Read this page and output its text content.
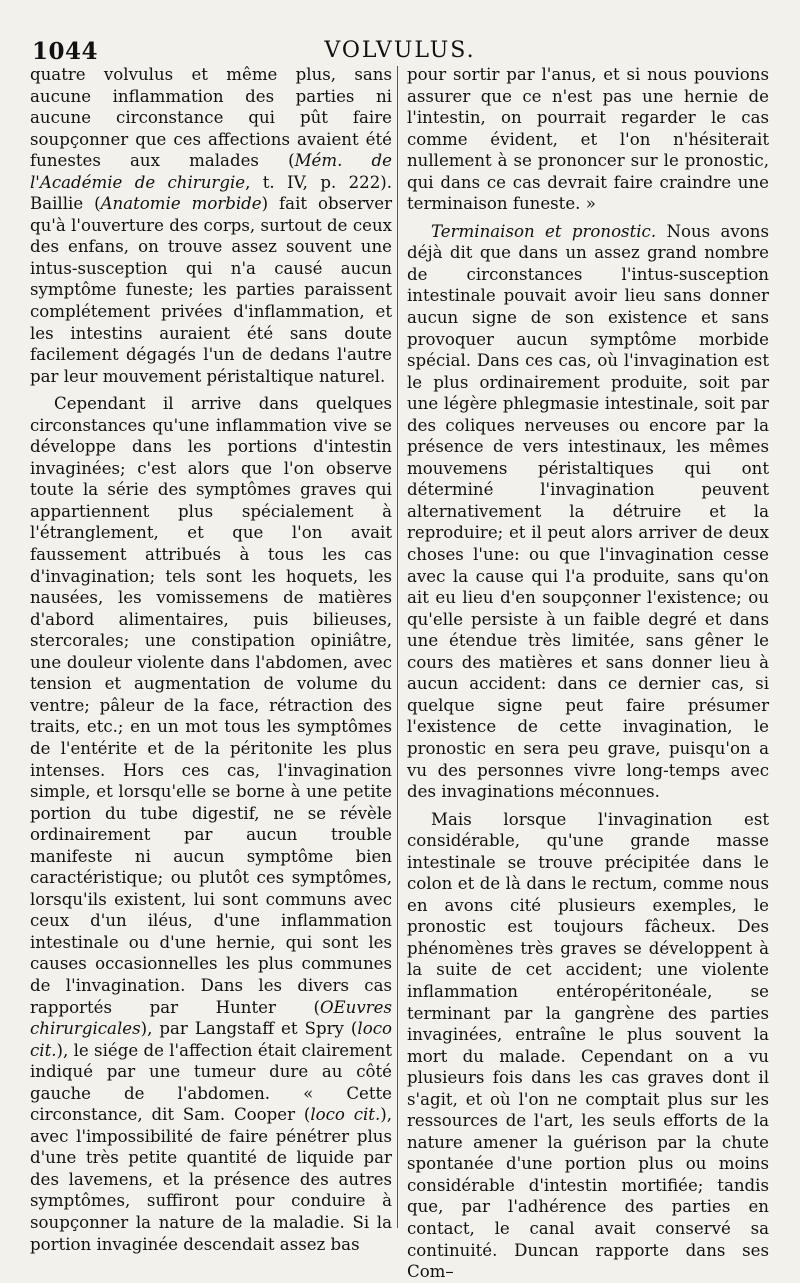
1044	VOLVULUS.

quatre volvulus et même plus, sans aucune inflammation des parties ni aucune circonstance qui pût faire soupçonner que ces affections avaient été funestes aux malades (Mém. de l'Académie de chirurgie, t. IV, p. 222). Baillie (Anatomie morbide) fait observer qu'à l'ouverture des corps, surtout de ceux des enfans, on trouve assez souvent une intus-susception qui n'a causé aucun symptôme funeste; les parties paraissent complétement privées d'inflammation, et les intestins auraient été sans doute facilement dégagés l'un de dedans l'autre par leur mouvement péristaltique naturel.

Cependant il arrive dans quelques circonstances qu'une inflammation vive se développe dans les portions d'intestin invaginées; c'est alors que l'on observe toute la série des symptômes graves qui appartiennent plus spécialement à l'étranglement, et que l'on avait faussement attribués à tous les cas d'invagination; tels sont les hoquets, les nausées, les vomissemens de matières d'abord alimentaires, puis bilieuses, stercorales; une constipation opiniâtre, une douleur violente dans l'abdomen, avec tension et augmentation de volume du ventre; pâleur de la face, rétraction des traits, etc.; en un mot tous les symptômes de l'entérite et de la péritonite les plus intenses. Hors ces cas, l'invagination simple, et lorsqu'elle se borne à une petite portion du tube digestif, ne se révèle ordinairement par aucun trouble manifeste ni aucun symptôme bien caractéristique; ou plutôt ces symptômes, lorsqu'ils existent, lui sont communs avec ceux d'un iléus, d'une inflammation intestinale ou d'une hernie, qui sont les causes occasionnelles les plus communes de l'invagination. Dans les divers cas rapportés par Hunter (OEuvres chirurgicales), par Langstaff et Spry (loco cit.), le siége de l'affection était clairement indiqué par une tumeur dure au côté gauche de l'abdomen. « Cette circonstance, dit Sam. Cooper (loco cit.), avec l'impossibilité de faire pénétrer plus d'une très petite quantité de liquide par des lavemens, et la présence des autres symptômes, suffiront pour conduire à soupçonner la nature de la maladie. Si la portion invaginée descendait assez bas

pour sortir par l'anus, et si nous pouvions assurer que ce n'est pas une hernie de l'intestin, on pourrait regarder le cas comme évident, et l'on n'hésiterait nullement à se prononcer sur le pronostic, qui dans ce cas devrait faire craindre une terminaison funeste. »

Terminaison et pronostic. Nous avons déjà dit que dans un assez grand nombre de circonstances l'intus-susception intestinale pouvait avoir lieu sans donner aucun signe de son existence et sans provoquer aucun symptôme morbide spécial. Dans ces cas, où l'invagination est le plus ordinairement produite, soit par une légère phlegmasie intestinale, soit par des coliques nerveuses ou encore par la présence de vers intestinaux, les mêmes mouvemens péristaltiques qui ont déterminé l'invagination peuvent alternativement la détruire et la reproduire; et il peut alors arriver de deux choses l'une: ou que l'invagination cesse avec la cause qui l'a produite, sans qu'on ait eu lieu d'en soupçonner l'existence; ou qu'elle persiste à un faible degré et dans une étendue très limitée, sans gêner le cours des matières et sans donner lieu à aucun accident: dans ce dernier cas, si quelque signe peut faire présumer l'existence de cette invagination, le pronostic en sera peu grave, puisqu'on a vu des personnes vivre long-temps avec des invaginations méconnues.

Mais lorsque l'invagination est considérable, qu'une grande masse intestinale se trouve précipitée dans le colon et de là dans le rectum, comme nous en avons cité plusieurs exemples, le pronostic est toujours fâcheux. Des phénomènes très graves se développent à la suite de cet accident; une violente inflammation entéropéritonéale, se terminant par la gangrène des parties invaginées, entraîne le plus souvent la mort du malade. Cependant on a vu plusieurs fois dans les cas graves dont il s'agit, et où l'on ne comptait plus sur les ressources de l'art, les seuls efforts de la nature amener la guérison par la chute spontanée d'une portion plus ou moins considérable d'intestin mortifiée; tandis que, par l'adhérence des parties en contact, le canal avait conservé sa continuité. Duncan rapporte dans ses Com–
